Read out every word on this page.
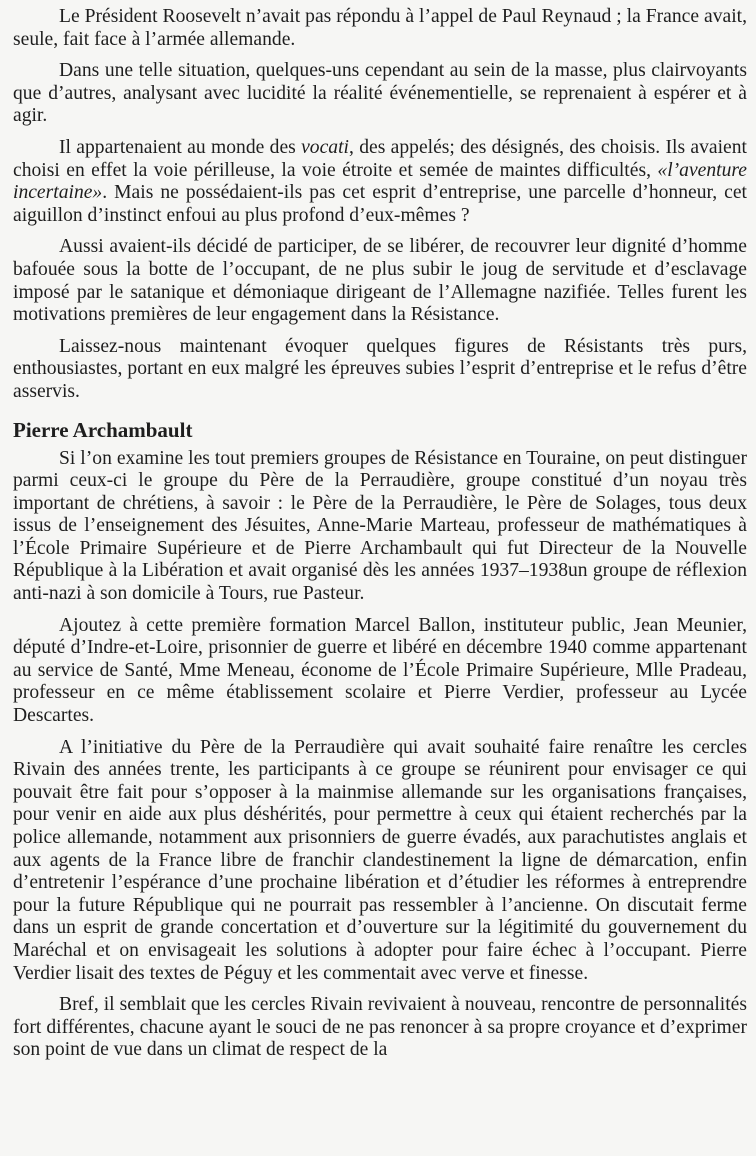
Le Président Roosevelt n’avait pas répondu à l’appel de Paul Reynaud ; la France avait, seule, fait face à l’armée allemande.

Dans une telle situation, quelques-uns cependant au sein de la masse, plus clairvoyants que d’autres, analysant avec lucidité la réalité événementielle, se reprenaient à espérer et à agir.

Il appartenaient au monde des vocati, des appelés; des désignés, des choisis. Ils avaient choisi en effet la voie périlleuse, la voie étroite et semée de maintes difficultés, «l’aventure incertaine». Mais ne possédaient-ils pas cet esprit d’entreprise, une parcelle d’honneur, cet aiguillon d’instinct enfoui au plus profond d’eux-mêmes ?

Aussi avaient-ils décidé de participer, de se libérer, de recouvrer leur dignité d’homme bafouée sous la botte de l’occupant, de ne plus subir le joug de servitude et d’esclavage imposé par le satanique et démoniaque dirigeant de l’Allemagne nazifiée. Telles furent les motivations premières de leur engagement dans la Résistance.

Laissez-nous maintenant évoquer quelques figures de Résistants très purs, enthousiastes, portant en eux malgré les épreuves subies l’esprit d’entreprise et le refus d’être asservis.

Pierre Archambault

Si l’on examine les tout premiers groupes de Résistance en Touraine, on peut distinguer parmi ceux-ci le groupe du Père de la Perraudière, groupe constitué d’un noyau très important de chrétiens, à savoir : le Père de la Perraudière, le Père de Solages, tous deux issus de l’enseignement des Jésuites, Anne-Marie Marteau, professeur de mathématiques à l’École Primaire Supérieure et de Pierre Archambault qui fut Directeur de la Nouvelle République à la Libération et avait organisé dès les années 1937–1938un groupe de réflexion anti-nazi à son domicile à Tours, rue Pasteur.

Ajoutez à cette première formation Marcel Ballon, instituteur public, Jean Meunier, député d’Indre-et-Loire, prisonnier de guerre et libéré en décembre 1940 comme appartenant au service de Santé, Mme Meneau, économe de l’École Primaire Supérieure, Mlle Pradeau, professeur en ce même établissement scolaire et Pierre Verdier, professeur au Lycée Descartes.

A l’initiative du Père de la Perraudière qui avait souhaité faire renaître les cercles Rivain des années trente, les participants à ce groupe se réunirent pour envisager ce qui pouvait être fait pour s’opposer à la mainmise allemande sur les organisations françaises, pour venir en aide aux plus déshérités, pour permettre à ceux qui étaient recherchés par la police allemande, notamment aux prisonniers de guerre évadés, aux parachutistes anglais et aux agents de la France libre de franchir clandestinement la ligne de démarcation, enfin d’entretenir l’espérance d’une prochaine libération et d’étudier les réformes à entreprendre pour la future République qui ne pourrait pas ressembler à l’ancienne. On discutait ferme dans un esprit de grande concertation et d’ouverture sur la légitimité du gouvernement du Maréchal et on envisageait les solutions à adopter pour faire échec à l’occupant. Pierre Verdier lisait des textes de Péguy et les commentait avec verve et finesse.

Bref, il semblait que les cercles Rivain revivaient à nouveau, rencontre de personnalités fort différentes, chacune ayant le souci de ne pas renoncer à sa propre croyance et d’exprimer son point de vue dans un climat de respect de la
